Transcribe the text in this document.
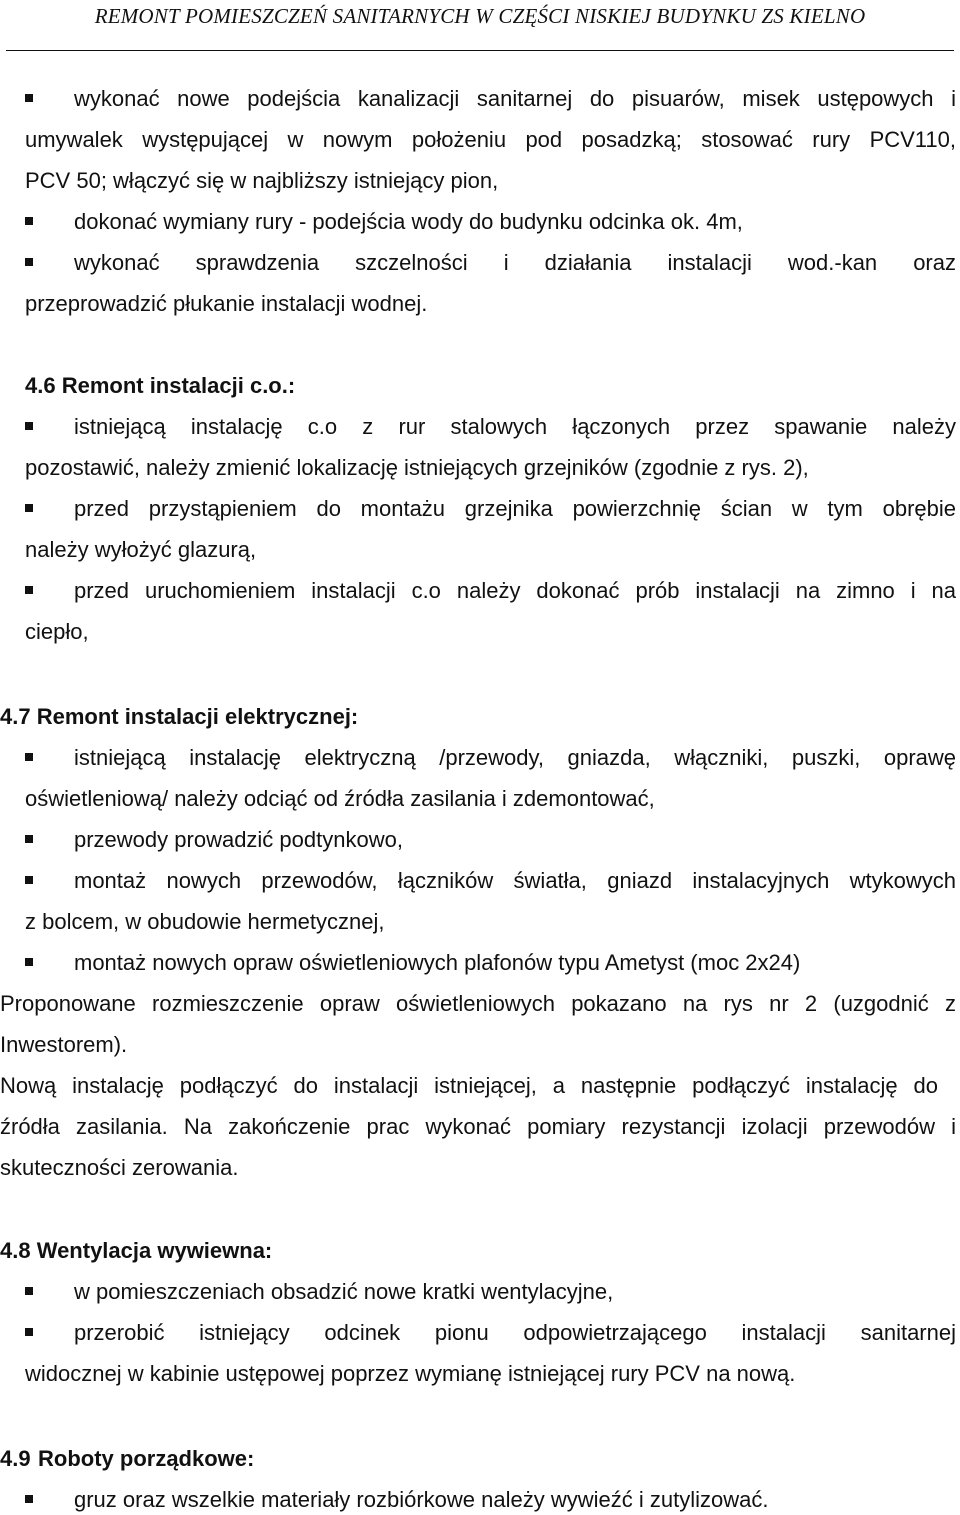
REMONT POMIESZCZEŃ SANITARNYCH W CZĘŚCI NISKIEJ BUDYNKU ZS KIELNO
wykonać nowe podejścia kanalizacji sanitarnej do pisuarów, misek ustępowych i
umywalek występującej w nowym położeniu pod posadzką; stosować rury PCV110,
PCV 50; włączyć się w najbliższy istniejący pion,
dokonać wymiany rury - podejścia wody do budynku odcinka ok. 4m,
wykonać sprawdzenia szczelności i działania instalacji wod.-kan oraz
przeprowadzić płukanie instalacji wodnej.
4.6 Remont instalacji c.o.:
istniejącą instalację c.o z rur stalowych łączonych przez spawanie należy
pozostawić, należy zmienić lokalizację istniejących grzejników (zgodnie z rys. 2),
przed przystąpieniem do montażu grzejnika powierzchnię ścian w tym obrębie
należy wyłożyć glazurą,
przed uruchomieniem instalacji c.o należy dokonać prób instalacji na zimno i na
ciepło,
4.7 Remont instalacji elektrycznej:
istniejącą instalację elektryczną /przewody, gniazda, włączniki, puszki, oprawę
oświetleniową/ należy odciąć od źródła zasilania i zdemontować,
przewody prowadzić podtynkowo,
montaż nowych przewodów, łączników światła, gniazd instalacyjnych wtykowych
z bolcem, w obudowie hermetycznej,
montaż nowych opraw oświetleniowych plafonów typu Ametyst (moc 2x24)
Proponowane rozmieszczenie opraw oświetleniowych pokazano na rys nr 2 (uzgodnić z
Inwestorem).
Nową instalację podłączyć do instalacji istniejącej, a następnie podłączyć instalację do
źródła zasilania. Na zakończenie prac wykonać pomiary rezystancji izolacji przewodów i
skuteczności zerowania.
4.8 Wentylacja wywiewna:
w pomieszczeniach obsadzić nowe kratki wentylacyjne,
przerobić istniejący odcinek pionu odpowietrzającego instalacji sanitarnej
widocznej w kabinie ustępowej poprzez wymianę istniejącej rury PCV na nową.
4.9 Roboty porządkowe:
gruz oraz wszelkie materiały rozbiórkowe należy wywieźć i zutylizować.
